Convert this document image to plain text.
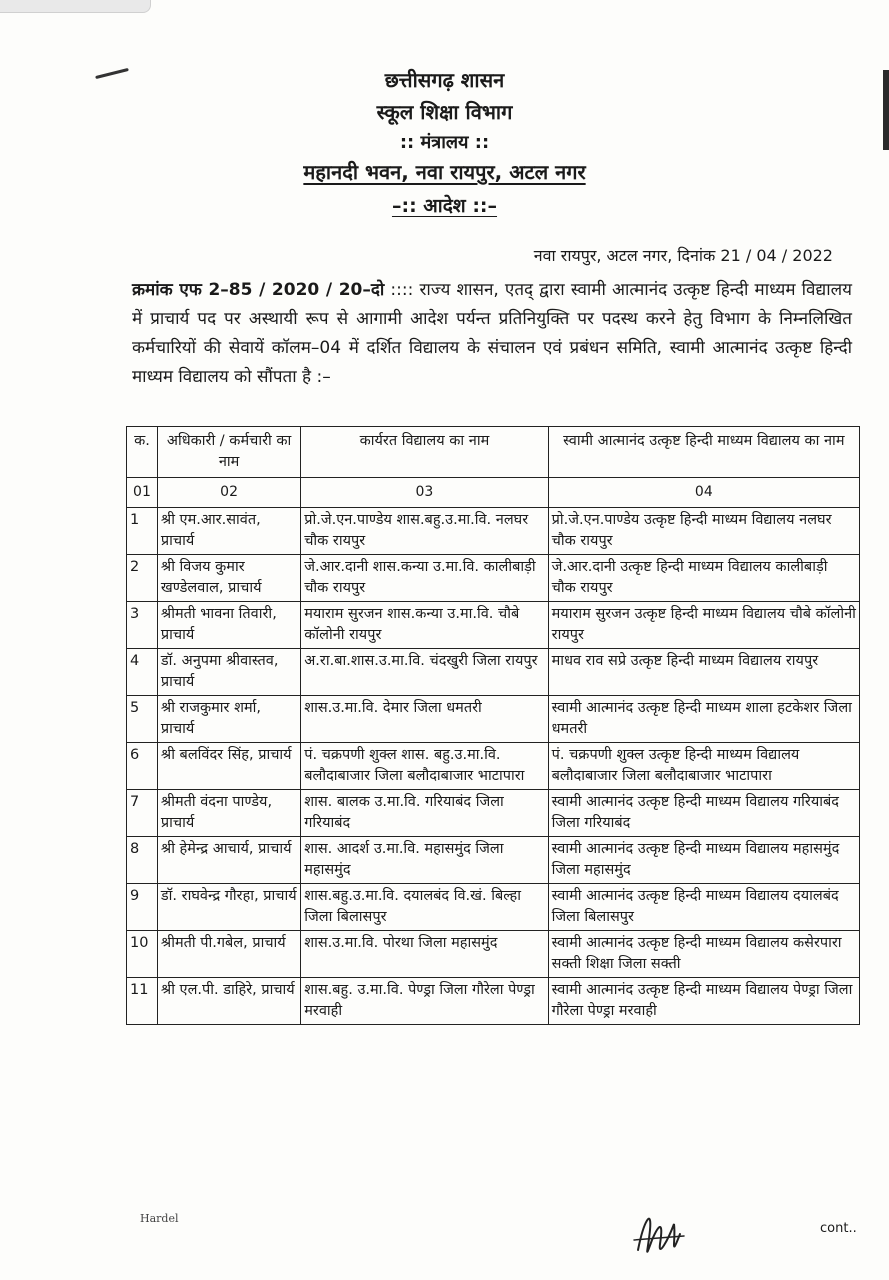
छत्तीसगढ़ शासन
स्कूल शिक्षा विभाग
:: मंत्रालय ::
महानदी भवन, नवा रायपुर, अटल नगर
–:: आदेश ::–
नवा रायपुर, अटल नगर, दिनांक 21 / 04 / 2022
क्रमांक एफ 2–85 / 2020 / 20–दो :::: राज्य शासन, एतद् द्वारा स्वामी आत्मानंद उत्कृष्ट हिन्दी माध्यम विद्यालय में प्राचार्य पद पर अस्थायी रूप से आगामी आदेश पर्यन्त प्रतिनियुक्ति पर पदस्थ करने हेतु विभाग के निम्नलिखित कर्मचारियों की सेवायें कॉलम–04 में दर्शित विद्यालय के संचालन एवं प्रबंधन समिति, स्वामी आत्मानंद उत्कृष्ट हिन्दी माध्यम विद्यालय को सौंपता है :–
क.	अधिकारी / कर्मचारी का नाम	कार्यरत विद्यालय का नाम	स्वामी आत्मानंद उत्कृष्ट हिन्दी माध्यम विद्यालय का नाम
01	02	03	04
1	श्री एम.आर.सावंत, प्राचार्य	प्रो.जे.एन.पाण्डेय शास.बहु.उ.मा.वि. नलघर चौक रायपुर	प्रो.जे.एन.पाण्डेय उत्कृष्ट हिन्दी माध्यम विद्यालय नलघर चौक रायपुर
2	श्री विजय कुमार खण्डेलवाल, प्राचार्य	जे.आर.दानी शास.कन्या उ.मा.वि. कालीबाड़ी चौक रायपुर	जे.आर.दानी उत्कृष्ट हिन्दी माध्यम विद्यालय कालीबाड़ी चौक रायपुर
3	श्रीमती भावना तिवारी, प्राचार्य	मयाराम सुरजन शास.कन्या उ.मा.वि. चौबे कॉलोनी रायपुर	मयाराम सुरजन उत्कृष्ट हिन्दी माध्यम विद्यालय चौबे कॉलोनी रायपुर
4	डॉ. अनुपमा श्रीवास्तव, प्राचार्य	अ.रा.बा.शास.उ.मा.वि. चंदखुरी जिला रायपुर	माधव राव सप्रे उत्कृष्ट हिन्दी माध्यम विद्यालय रायपुर
5	श्री राजकुमार शर्मा, प्राचार्य	शास.उ.मा.वि. देमार जिला धमतरी	स्वामी आत्मानंद उत्कृष्ट हिन्दी माध्यम शाला हटकेशर जिला धमतरी
6	श्री बलविंदर सिंह, प्राचार्य	पं. चक्रपणी शुक्ल शास. बहु.उ.मा.वि. बलौदाबाजार जिला बलौदाबाजार भाटापारा	पं. चक्रपणी शुक्ल उत्कृष्ट हिन्दी माध्यम विद्यालय बलौदाबाजार जिला बलौदाबाजार भाटापारा
7	श्रीमती वंदना पाण्डेय, प्राचार्य	शास. बालक उ.मा.वि. गरियाबंद जिला गरियाबंद	स्वामी आत्मानंद उत्कृष्ट हिन्दी माध्यम विद्यालय गरियाबंद जिला गरियाबंद
8	श्री हेमेन्द्र आचार्य, प्राचार्य	शास. आदर्श उ.मा.वि. महासमुंद जिला महासमुंद	स्वामी आत्मानंद उत्कृष्ट हिन्दी माध्यम विद्यालय महासमुंद जिला महासमुंद
9	डॉ. राघवेन्द्र गौरहा, प्राचार्य	शास.बहु.उ.मा.वि. दयालबंद वि.खं. बिल्हा जिला बिलासपुर	स्वामी आत्मानंद उत्कृष्ट हिन्दी माध्यम विद्यालय दयालबंद जिला बिलासपुर
10	श्रीमती पी.गबेल, प्राचार्य	शास.उ.मा.वि. पोरथा जिला महासमुंद	स्वामी आत्मानंद उत्कृष्ट हिन्दी माध्यम विद्यालय कसेरपारा सक्ती शिक्षा जिला सक्ती
11	श्री एल.पी. डाहिरे, प्राचार्य	शास.बहु. उ.मा.वि. पेण्ड्रा जिला गौरेला पेण्ड्रा मरवाही	स्वामी आत्मानंद उत्कृष्ट हिन्दी माध्यम विद्यालय पेण्ड्रा जिला गौरेला पेण्ड्रा मरवाही
Hardel
cont..
